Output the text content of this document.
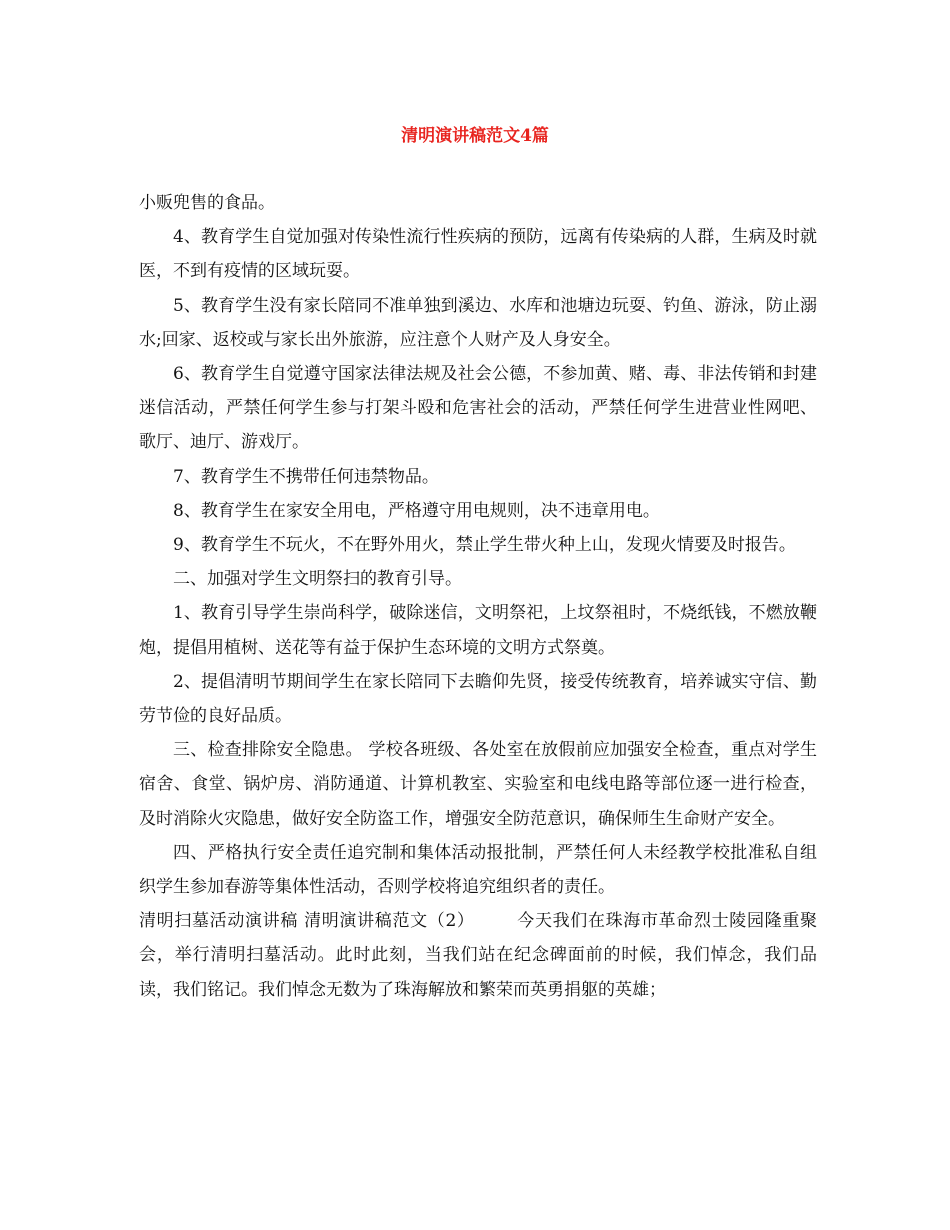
清明演讲稿范文4篇

小贩兜售的食品。

4、教育学生自觉加强对传染性流行性疾病的预防，远离有传染病的人群，生病及时就医，不到有疫情的区域玩耍。

5、教育学生没有家长陪同不准单独到溪边、水库和池塘边玩耍、钓鱼、游泳，防止溺水;回家、返校或与家长出外旅游，应注意个人财产及人身安全。

6、教育学生自觉遵守国家法律法规及社会公德，不参加黄、赌、毒、非法传销和封建迷信活动，严禁任何学生参与打架斗殴和危害社会的活动，严禁任何学生进营业性网吧、歌厅、迪厅、游戏厅。

7、教育学生不携带任何违禁物品。

8、教育学生在家安全用电，严格遵守用电规则，决不违章用电。

9、教育学生不玩火，不在野外用火，禁止学生带火种上山，发现火情要及时报告。

二、加强对学生文明祭扫的教育引导。

1、教育引导学生崇尚科学，破除迷信，文明祭祀，上坟祭祖时，不烧纸钱，不燃放鞭炮，提倡用植树、送花等有益于保护生态环境的文明方式祭奠。

2、提倡清明节期间学生在家长陪同下去瞻仰先贤，接受传统教育，培养诚实守信、勤劳节俭的良好品质。

三、检查排除安全隐患。 学校各班级、各处室在放假前应加强安全检查，重点对学生宿舍、食堂、锅炉房、消防通道、计算机教室、实验室和电线电路等部位逐一进行检查，及时消除火灾隐患，做好安全防盗工作，增强安全防范意识，确保师生生命财产安全。

四、严格执行安全责任追究制和集体活动报批制，严禁任何人未经教学校批准私自组织学生参加春游等集体性活动，否则学校将追究组织者的责任。

清明扫墓活动演讲稿 清明演讲稿范文（2） 今天我们在珠海市革命烈士陵园隆重聚会，举行清明扫墓活动。此时此刻，当我们站在纪念碑面前的时候，我们悼念，我们品读，我们铭记。我们悼念无数为了珠海解放和繁荣而英勇捐躯的英雄；
